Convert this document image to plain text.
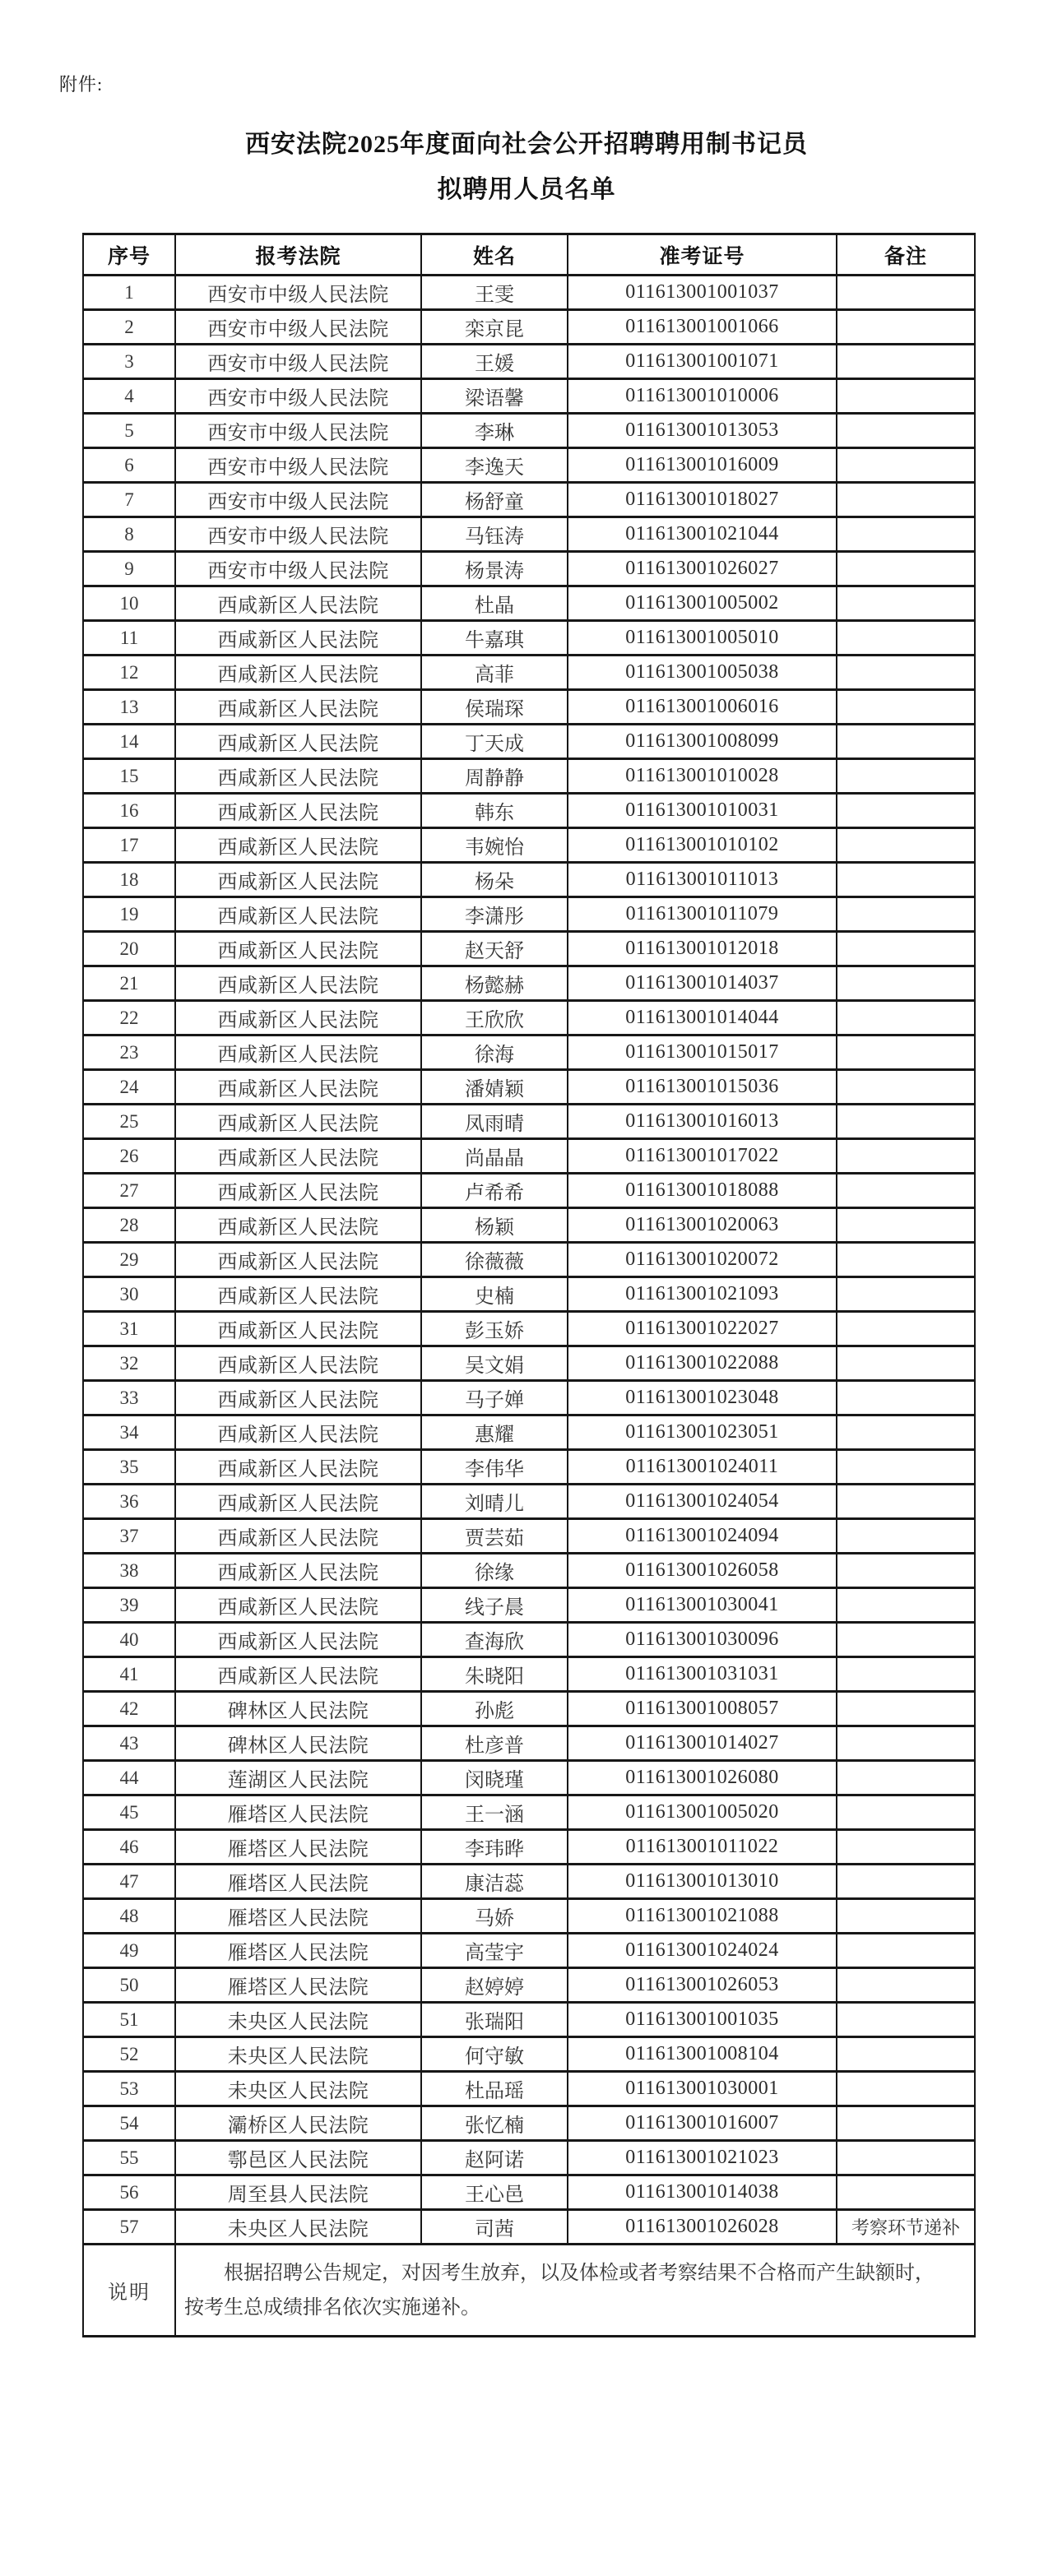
附件:
西安法院2025年度面向社会公开招聘聘用制书记员
拟聘用人员名单
序号	报考法院	姓名	准考证号	备注
1	西安市中级人民法院	王雯	011613001001037	
2	西安市中级人民法院	栾京昆	011613001001066	
3	西安市中级人民法院	王媛	011613001001071	
4	西安市中级人民法院	梁语馨	011613001010006	
5	西安市中级人民法院	李琳	011613001013053	
6	西安市中级人民法院	李逸天	011613001016009	
7	西安市中级人民法院	杨舒童	011613001018027	
8	西安市中级人民法院	马钰涛	011613001021044	
9	西安市中级人民法院	杨景涛	011613001026027	
10	西咸新区人民法院	杜晶	011613001005002	
11	西咸新区人民法院	牛嘉琪	011613001005010	
12	西咸新区人民法院	高菲	011613001005038	
13	西咸新区人民法院	侯瑞琛	011613001006016	
14	西咸新区人民法院	丁天成	011613001008099	
15	西咸新区人民法院	周静静	011613001010028	
16	西咸新区人民法院	韩东	011613001010031	
17	西咸新区人民法院	韦婉怡	011613001010102	
18	西咸新区人民法院	杨朵	011613001011013	
19	西咸新区人民法院	李潇彤	011613001011079	
20	西咸新区人民法院	赵天舒	011613001012018	
21	西咸新区人民法院	杨懿赫	011613001014037	
22	西咸新区人民法院	王欣欣	011613001014044	
23	西咸新区人民法院	徐海	011613001015017	
24	西咸新区人民法院	潘婧颖	011613001015036	
25	西咸新区人民法院	凤雨晴	011613001016013	
26	西咸新区人民法院	尚晶晶	011613001017022	
27	西咸新区人民法院	卢希希	011613001018088	
28	西咸新区人民法院	杨颖	011613001020063	
29	西咸新区人民法院	徐薇薇	011613001020072	
30	西咸新区人民法院	史楠	011613001021093	
31	西咸新区人民法院	彭玉娇	011613001022027	
32	西咸新区人民法院	吴文娟	011613001022088	
33	西咸新区人民法院	马子婵	011613001023048	
34	西咸新区人民法院	惠耀	011613001023051	
35	西咸新区人民法院	李伟华	011613001024011	
36	西咸新区人民法院	刘晴儿	011613001024054	
37	西咸新区人民法院	贾芸茹	011613001024094	
38	西咸新区人民法院	徐缘	011613001026058	
39	西咸新区人民法院	线子晨	011613001030041	
40	西咸新区人民法院	查海欣	011613001030096	
41	西咸新区人民法院	朱晓阳	011613001031031	
42	碑林区人民法院	孙彪	011613001008057	
43	碑林区人民法院	杜彦普	011613001014027	
44	莲湖区人民法院	闵晓瑾	011613001026080	
45	雁塔区人民法院	王一涵	011613001005020	
46	雁塔区人民法院	李玮晔	011613001011022	
47	雁塔区人民法院	康洁蕊	011613001013010	
48	雁塔区人民法院	马娇	011613001021088	
49	雁塔区人民法院	高莹宇	011613001024024	
50	雁塔区人民法院	赵婷婷	011613001026053	
51	未央区人民法院	张瑞阳	011613001001035	
52	未央区人民法院	何守敏	011613001008104	
53	未央区人民法院	杜品瑶	011613001030001	
54	灞桥区人民法院	张忆楠	011613001016007	
55	鄠邑区人民法院	赵阿诺	011613001021023	
56	周至县人民法院	王心邑	011613001014038	
57	未央区人民法院	司茜	011613001026028	考察环节递补
说明	根据招聘公告规定，对因考生放弃，以及体检或者考察结果不合格而产生缺额时，
按考生总成绩排名依次实施递补。			
